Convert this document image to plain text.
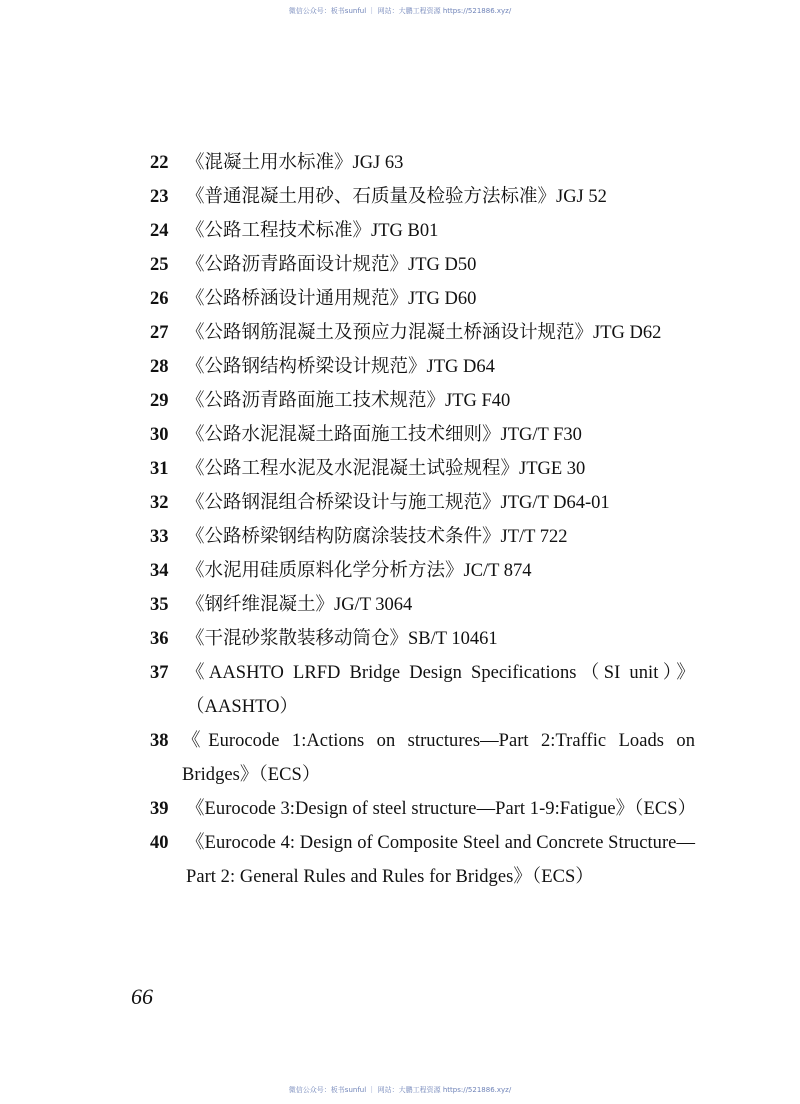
微信公众号：板书sunful ｜ 网站：大鹏工程资源 https://521886.xyz/
22 《混凝土用水标准》JGJ 63
23 《普通混凝土用砂、石质量及检验方法标准》JGJ 52
24 《公路工程技术标准》JTG B01
25 《公路沥青路面设计规范》JTG D50
26 《公路桥涵设计通用规范》JTG D60
27 《公路钢筋混凝土及预应力混凝土桥涵设计规范》JTG D62
28 《公路钢结构桥梁设计规范》JTG D64
29 《公路沥青路面施工技术规范》JTG F40
30 《公路水泥混凝土路面施工技术细则》JTG/T F30
31 《公路工程水泥及水泥混凝土试验规程》JTGE 30
32 《公路钢混组合桥梁设计与施工规范》JTG/T D64-01
33 《公路桥梁钢结构防腐涂装技术条件》JT/T 722
34 《水泥用硅质原料化学分析方法》JC/T 874
35 《钢纤维混凝土》JG/T 3064
36 《干混砂浆散装移动筒仓》SB/T 10461
37 《AASHTO LRFD Bridge Design Specifications（SI unit）》（AASHTO）
38 《Eurocode 1:Actions on structures—Part 2:Traffic Loads on Bridges》（ECS）
39 《Eurocode 3:Design of steel structure—Part 1-9:Fatigue》（ECS）
40 《Eurocode 4: Design of Composite Steel and Concrete Structure—Part 2: General Rules and Rules for Bridges》（ECS）
66
微信公众号：板书sunful ｜ 网站：大鹏工程资源 https://521886.xyz/
